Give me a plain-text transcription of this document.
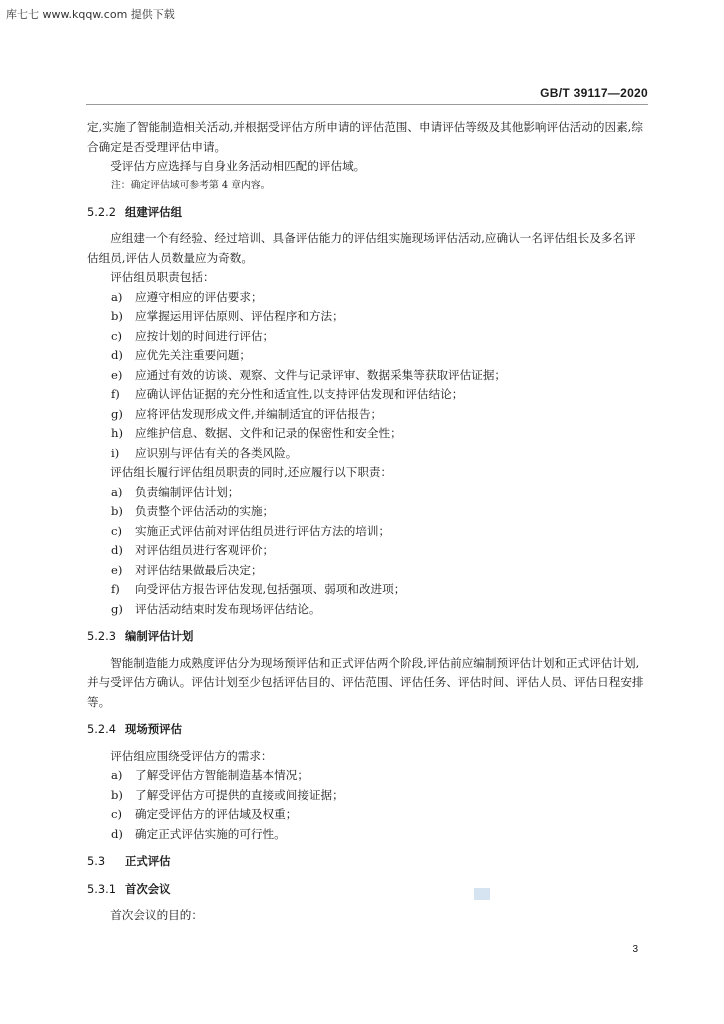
库七七 www.kqqw.com 提供下载
GB/T 39117—2020

定,实施了智能制造相关活动,并根据受评估方所申请的评估范围、申请评估等级及其他影响评估活动的因素,综合确定是否受理评估申请。

受评估方应选择与自身业务活动相匹配的评估域。

注：确定评估域可参考第 4 章内容。

5.2.2 组建评估组

应组建一个有经验、经过培训、具备评估能力的评估组实施现场评估活动,应确认一名评估组长及多名评估组员,评估人员数量应为奇数。

评估组员职责包括：

a) 应遵守相应的评估要求；
b) 应掌握运用评估原则、评估程序和方法；
c) 应按计划的时间进行评估；
d) 应优先关注重要问题；
e) 应通过有效的访谈、观察、文件与记录评审、数据采集等获取评估证据；
f) 应确认评估证据的充分性和适宜性,以支持评估发现和评估结论；
g) 应将评估发现形成文件,并编制适宜的评估报告；
h) 应维护信息、数据、文件和记录的保密性和安全性；
i) 应识别与评估有关的各类风险。

评估组长履行评估组员职责的同时,还应履行以下职责：

a) 负责编制评估计划；
b) 负责整个评估活动的实施；
c) 实施正式评估前对评估组员进行评估方法的培训；
d) 对评估组员进行客观评价；
e) 对评估结果做最后决定；
f) 向受评估方报告评估发现,包括强项、弱项和改进项；
g) 评估活动结束时发布现场评估结论。
5.2.3 编制评估计划

智能制造能力成熟度评估分为现场预评估和正式评估两个阶段,评估前应编制预评估计划和正式评估计划,并与受评估方确认。评估计划至少包括评估目的、评估范围、评估任务、评估时间、评估人员、评估日程安排等。

5.2.4 现场预评估

评估组应围绕受评估方的需求：

a) 了解受评估方智能制造基本情况；
b) 了解受评估方可提供的直接或间接证据；
c) 确定受评估方的评估域及权重；
d) 确定正式评估实施的可行性。
5.3 正式评估
5.3.1 首次会议

首次会议的目的：

3
